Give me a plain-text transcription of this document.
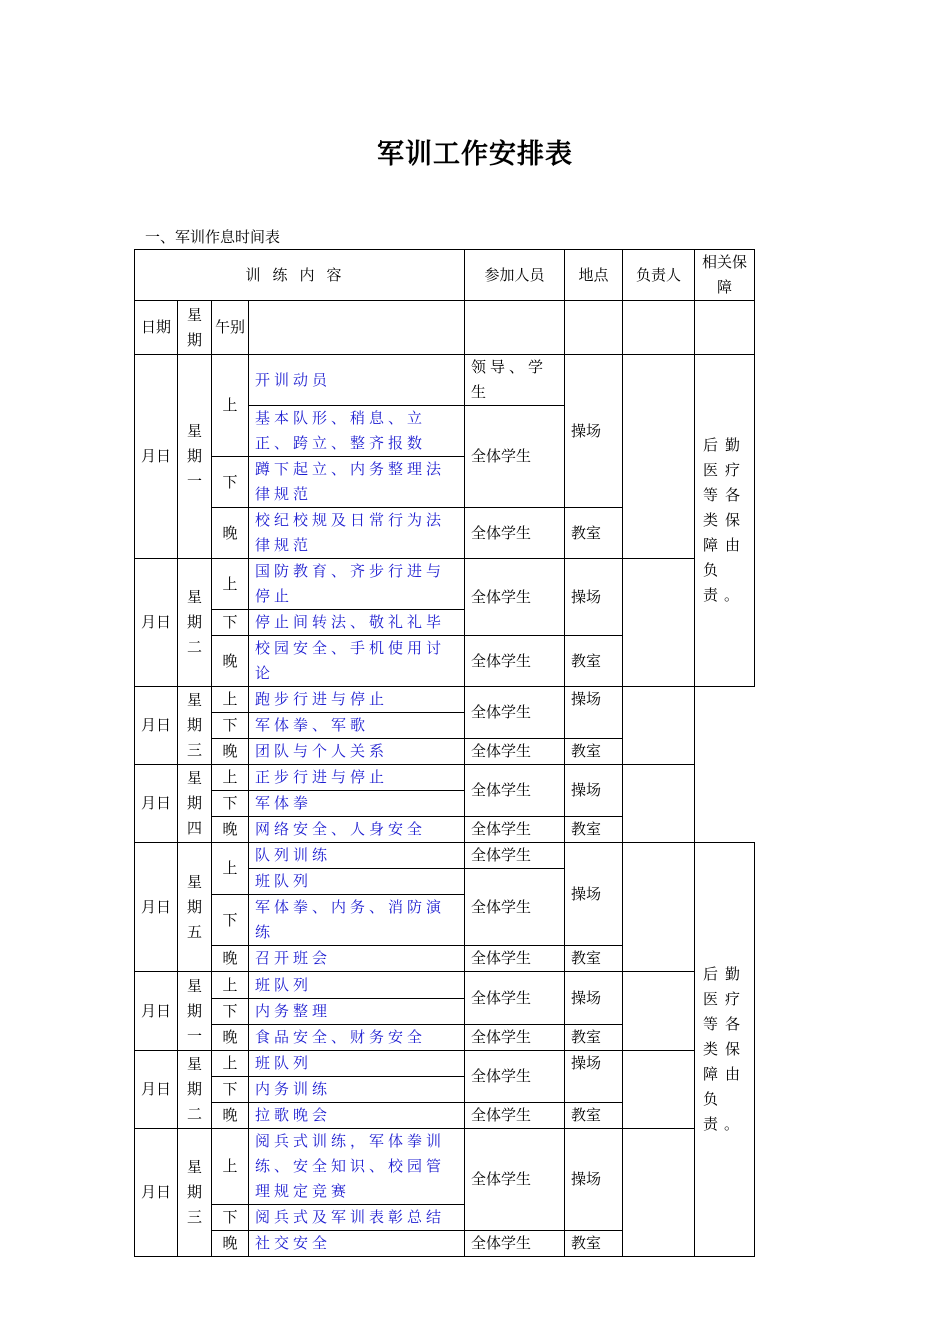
军训工作安排表
一、军训作息时间表
训练内容				参加人员	地点	负责人	相关保障
日期	星期	午别					
月日	星期一	上	开训动员	领导、学生	操场		后勤医疗等各类保障由负责。
			基本队形、稍息、立正、跨立、整齐报数	全体学生			
		下	蹲下起立、内务整理法律规范				
		晚	校纪校规及日常行为法律规范	全体学生	教室		
月日	星期二	上	国防教育、齐步行进与停止	全体学生	操场		
		下	停止间转法、敬礼礼毕				
		晚	校园安全、手机使用讨论	全体学生	教室		
月日	星期三	上	跑步行进与停止	全体学生	操场		
		下	军体拳、军歌				
		晚	团队与个人关系	全体学生	教室		
月日	星期四	上	正步行进与停止	全体学生	操场		
		下	军体拳				
		晚	网络安全、人身安全	全体学生	教室		
月日	星期五	上	队列训练	全体学生	操场		后勤医疗等各类保障由负责。
			班队列	全体学生			
		下	军体拳、内务、消防演练				
		晚	召开班会	全体学生	教室		
月日	星期一	上	班队列	全体学生	操场		
		下	内务整理				
		晚	食品安全、财务安全	全体学生	教室		
月日	星期二	上	班队列	全体学生	操场		
		下	内务训练				
		晚	拉歌晚会	全体学生	教室		
月日	星期三	上	阅兵式训练，军体拳训练、安全知识、校园管理规定竞赛	全体学生	操场		
		下	阅兵式及军训表彰总结				
		晚	社交安全	全体学生	教室		
